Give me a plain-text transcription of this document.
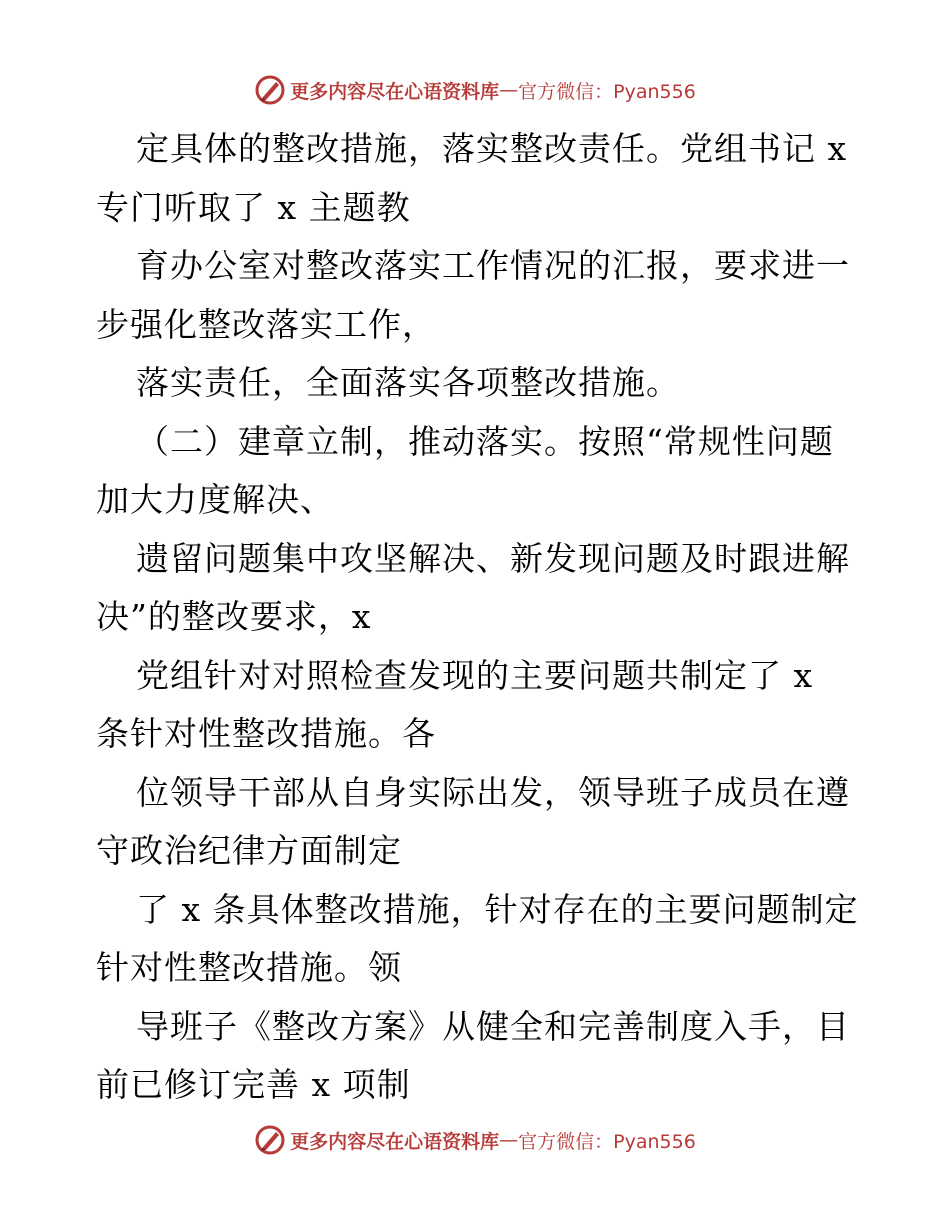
更多内容尽在心语资料库 — 官方微信：Pyan556
定具体的整改措施，落实整改责任。党组书记 x
专门听取了 x 主题教
育办公室对整改落实工作情况的汇报，要求进一
步强化整改落实工作，
落实责任，全面落实各项整改措施。
（二）建章立制，推动落实。按照“常规性问题
加大力度解决、
遗留问题集中攻坚解决、新发现问题及时跟进解
决”的整改要求，x
党组针对对照检查发现的主要问题共制定了 x
条针对性整改措施。各
位领导干部从自身实际出发，领导班子成员在遵
守政治纪律方面制定
了 x 条具体整改措施，针对存在的主要问题制定
针对性整改措施。领
导班子《整改方案》从健全和完善制度入手，目
前已修订完善 x 项制
更多内容尽在心语资料库 — 官方微信：Pyan556
